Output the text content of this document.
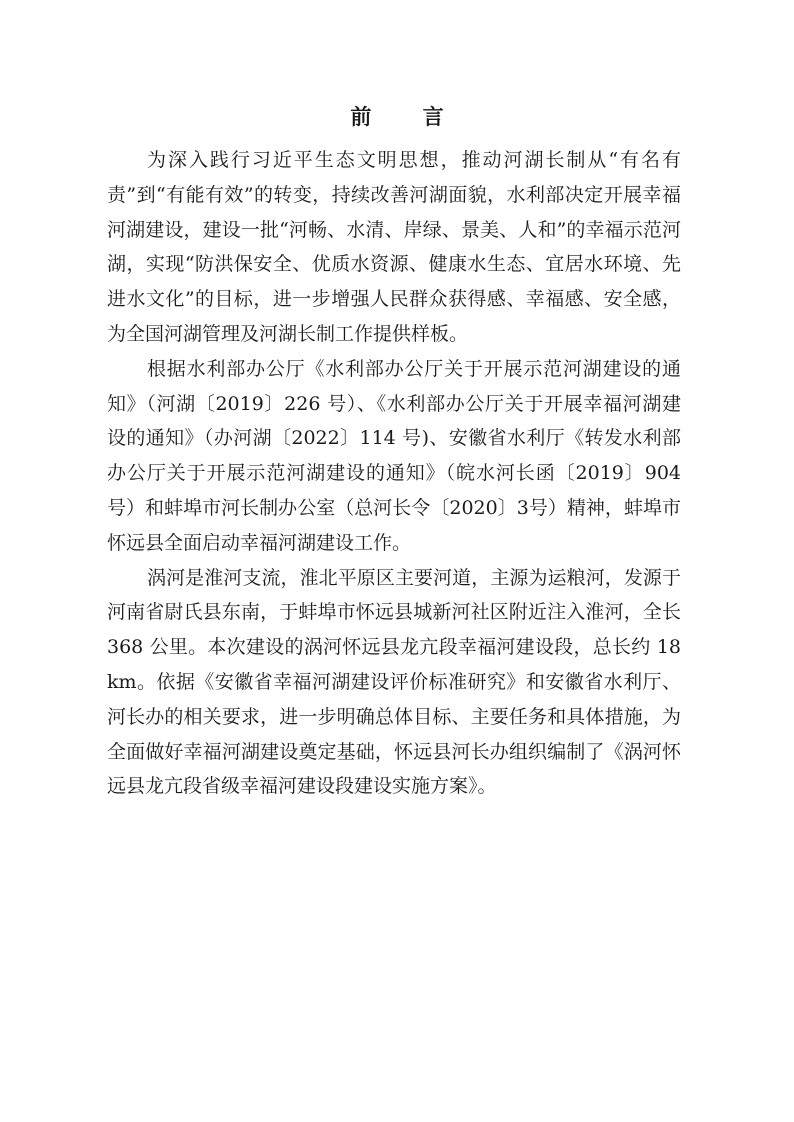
前 言

为深入践行习近平生态文明思想，推动河湖长制从“有名有责”到“有能有效”的转变，持续改善河湖面貌，水利部决定开展幸福河湖建设，建设一批“河畅、水清、岸绿、景美、人和”的幸福示范河湖，实现“防洪保安全、优质水资源、健康水生态、宜居水环境、先进水文化”的目标，进一步增强人民群众获得感、幸福感、安全感，为全国河湖管理及河湖长制工作提供样板。

根据水利部办公厅《水利部办公厅关于开展示范河湖建设的通知》（河湖〔2019〕226 号）、《水利部办公厅关于开展幸福河湖建设的通知》（办河湖〔2022〕114 号)、安徽省水利厅《转发水利部办公厅关于开展示范河湖建设的通知》（皖水河长函〔2019〕904 号）和蚌埠市河长制办公室（总河长令〔2020〕3号）精神，蚌埠市怀远县全面启动幸福河湖建设工作。

涡河是淮河支流，淮北平原区主要河道，主源为运粮河，发源于河南省尉氏县东南，于蚌埠市怀远县城新河社区附近注入淮河，全长368 公里。本次建设的涡河怀远县龙亢段幸福河建设段，总长约 18 km。依据《安徽省幸福河湖建设评价标准研究》和安徽省水利厅、河长办的相关要求，进一步明确总体目标、主要任务和具体措施，为全面做好幸福河湖建设奠定基础，怀远县河长办组织编制了《涡河怀远县龙亢段省级幸福河建设段建设实施方案》。
